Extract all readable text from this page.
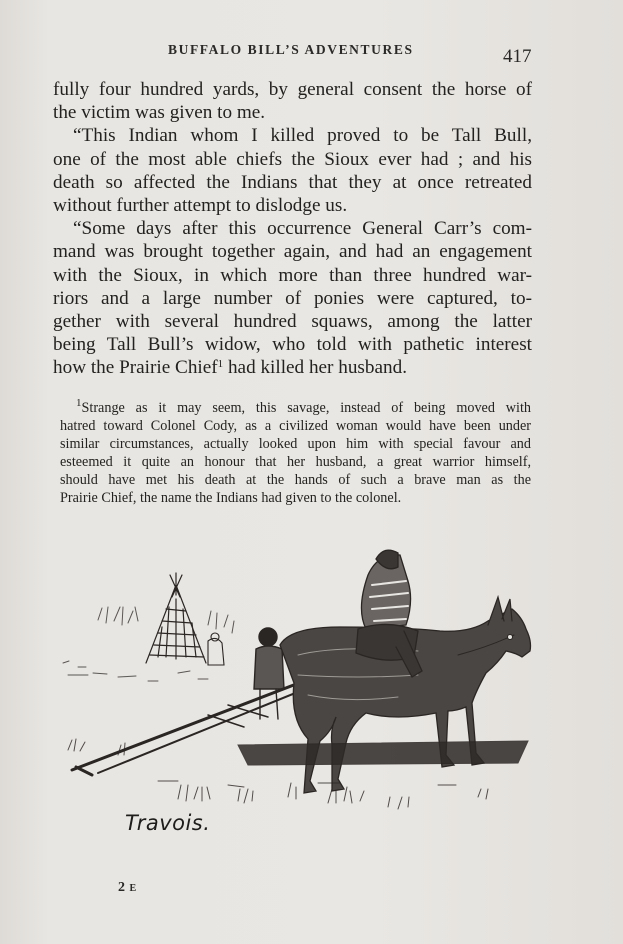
BUFFALO BILL’S ADVENTURES	417
fully four hundred yards, by general consent the horse of
the victim was given to me.
“This Indian whom I killed proved to be Tall Bull,
one of the most able chiefs the Sioux ever had ; and his
death so affected the Indians that they at once retreated
without further attempt to dislodge us.
“Some days after this occurrence General Carr’s com-
mand was brought together again, and had an engagement
with the Sioux, in which more than three hundred war-
riors and a large number of ponies were captured, to-
gether with several hundred squaws, among the latter
being Tall Bull’s widow, who told with pathetic interest
how the Prairie Chief$^1$ had killed her husband.
$^1$Strange as it may seem, this savage, instead of being moved with
hatred toward Colonel Cody, as a civilized woman would have been under
similar circumstances, actually looked upon him with special favour and
esteemed it quite an honour that her husband, a great warrior himself,
should have met his death at the hands of such a brave man as the
Prairie Chief, the name the Indians had given to the colonel.
Travois.
2 E
